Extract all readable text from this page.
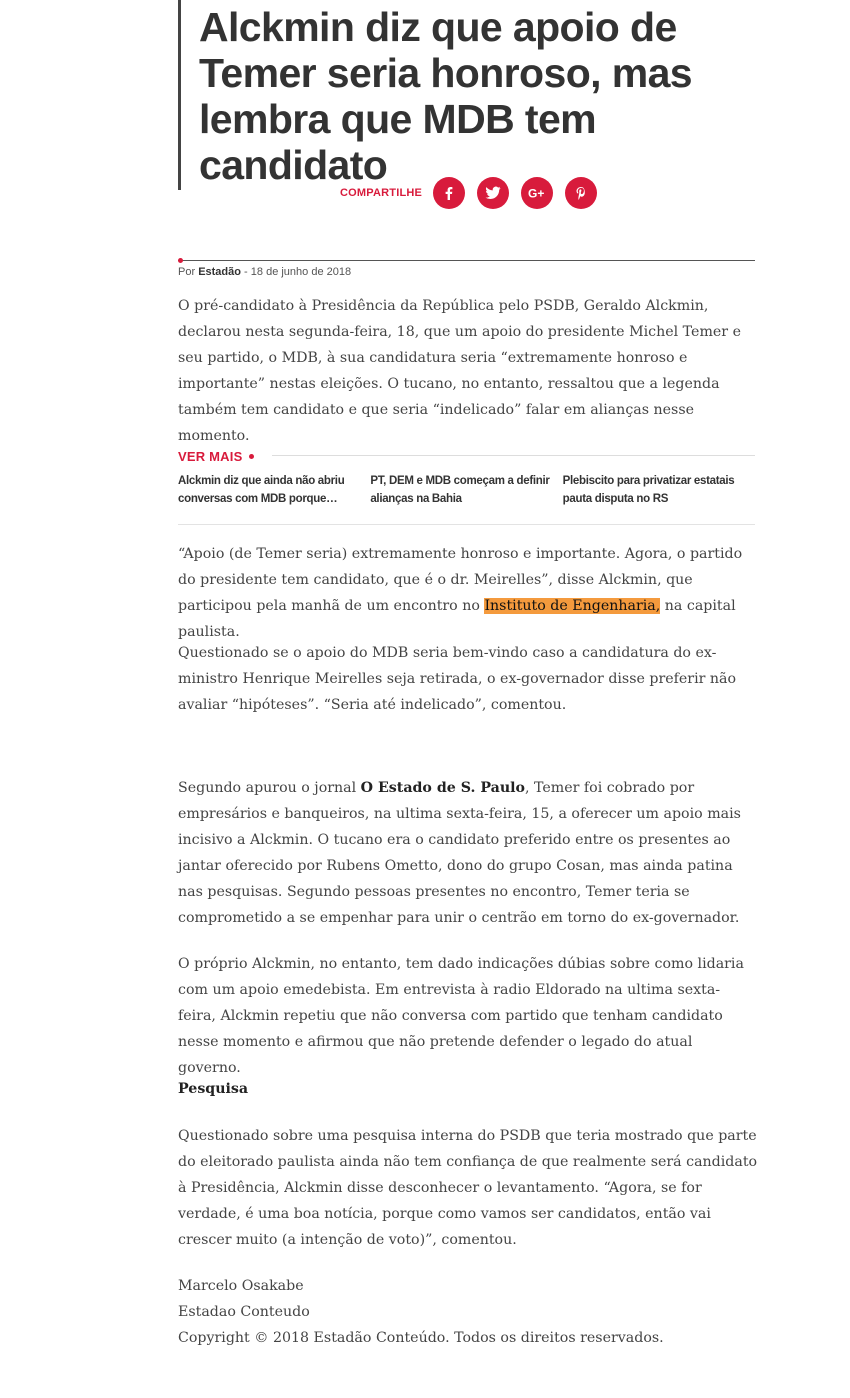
Alckmin diz que apoio de Temer seria honroso, mas lembra que MDB tem candidato
COMPARTILHE	G+
Por Estadão - 18 de junho de 2018

O pré-candidato à Presidência da República pelo PSDB, Geraldo Alckmin, declarou nesta segunda-feira, 18, que um apoio do presidente Michel Temer e seu partido, o MDB, à sua candidatura seria “extremamente honroso e importante” nestas eleições. O tucano, no entanto, ressaltou que a legenda também tem candidato e que seria “indelicado” falar em alianças nesse momento.

VER MAIS
Alckmin diz que ainda não abriu conversas com MDB porque…
PT, DEM e MDB começam a definir alianças na Bahia
Plebiscito para privatizar estatais pauta disputa no RS

“Apoio (de Temer seria) extremamente honroso e importante. Agora, o partido do presidente tem candidato, que é o dr. Meirelles”, disse Alckmin, que participou pela manhã de um encontro no Instituto de Engenharia, na capital paulista.

Questionado se o apoio do MDB seria bem-vindo caso a candidatura do ex-ministro Henrique Meirelles seja retirada, o ex-governador disse preferir não avaliar “hipóteses”. “Seria até indelicado”, comentou.

Segundo apurou o jornal O Estado de S. Paulo, Temer foi cobrado por empresários e banqueiros, na ultima sexta-feira, 15, a oferecer um apoio mais incisivo a Alckmin. O tucano era o candidato preferido entre os presentes ao jantar oferecido por Rubens Ometto, dono do grupo Cosan, mas ainda patina nas pesquisas. Segundo pessoas presentes no encontro, Temer teria se comprometido a se empenhar para unir o centrão em torno do ex-governador.

O próprio Alckmin, no entanto, tem dado indicações dúbias sobre como lidaria com um apoio emedebista. Em entrevista à radio Eldorado na ultima sexta-feira, Alckmin repetiu que não conversa com partido que tenham candidato nesse momento e afirmou que não pretende defender o legado do atual governo.

Pesquisa

Questionado sobre uma pesquisa interna do PSDB que teria mostrado que parte do eleitorado paulista ainda não tem confiança de que realmente será candidato à Presidência, Alckmin disse desconhecer o levantamento. “Agora, se for verdade, é uma boa notícia, porque como vamos ser candidatos, então vai crescer muito (a intenção de voto)”, comentou.

Marcelo Osakabe

Estadao Conteudo

Copyright © 2018 Estadão Conteúdo. Todos os direitos reservados.
